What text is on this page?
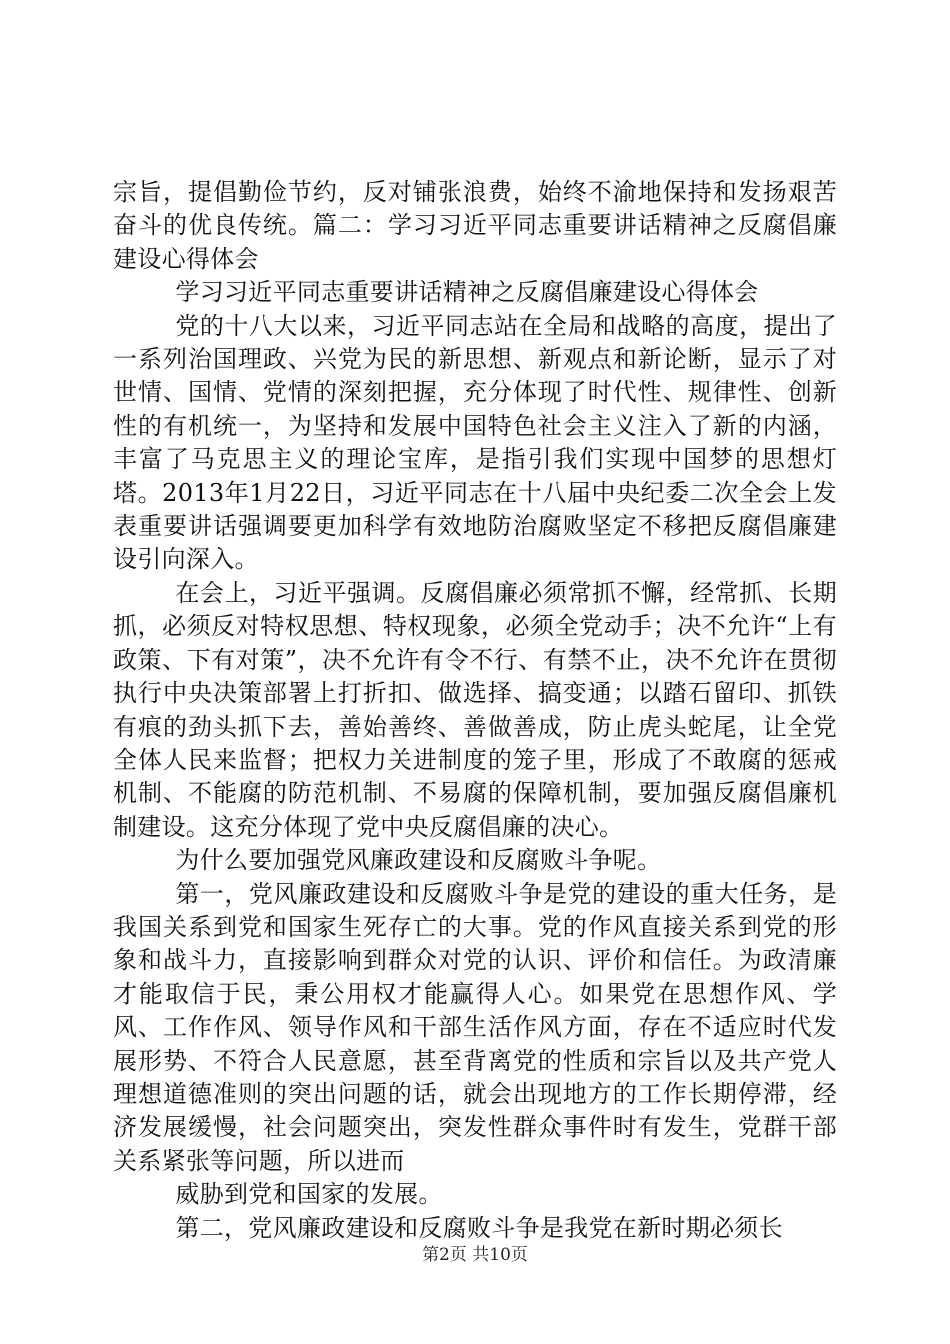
宗旨，提倡勤俭节约，反对铺张浪费，始终不渝地保持和发扬艰苦奋斗的优良传统。篇二：学习习近平同志重要讲话精神之反腐倡廉建设心得体会

学习习近平同志重要讲话精神之反腐倡廉建设心得体会

党的十八大以来，习近平同志站在全局和战略的高度，提出了一系列治国理政、兴党为民的新思想、新观点和新论断，显示了对世情、国情、党情的深刻把握，充分体现了时代性、规律性、创新性的有机统一，为坚持和发展中国特色社会主义注入了新的内涵，丰富了马克思主义的理论宝库，是指引我们实现中国梦的思想灯塔。2013年1月22日，习近平同志在十八届中央纪委二次全会上发表重要讲话强调要更加科学有效地防治腐败坚定不移把反腐倡廉建设引向深入。

在会上，习近平强调。反腐倡廉必须常抓不懈，经常抓、长期抓，必须反对特权思想、特权现象，必须全党动手；决不允许“上有政策、下有对策”，决不允许有令不行、有禁不止，决不允许在贯彻执行中央决策部署上打折扣、做选择、搞变通；以踏石留印、抓铁有痕的劲头抓下去，善始善终、善做善成，防止虎头蛇尾，让全党全体人民来监督；把权力关进制度的笼子里，形成了不敢腐的惩戒机制、不能腐的防范机制、不易腐的保障机制，要加强反腐倡廉机制建设。这充分体现了党中央反腐倡廉的决心。

为什么要加强党风廉政建设和反腐败斗争呢。

第一，党风廉政建设和反腐败斗争是党的建设的重大任务，是我国关系到党和国家生死存亡的大事。党的作风直接关系到党的形象和战斗力，直接影响到群众对党的认识、评价和信任。为政清廉才能取信于民，秉公用权才能赢得人心。如果党在思想作风、学风、工作作风、领导作风和干部生活作风方面，存在不适应时代发展形势、不符合人民意愿，甚至背离党的性质和宗旨以及共产党人理想道德准则的突出问题的话，就会出现地方的工作长期停滞，经济发展缓慢，社会问题突出，突发性群众事件时有发生，党群干部关系紧张等问题，所以进而

威胁到党和国家的发展。

第二，党风廉政建设和反腐败斗争是我党在新时期必须长

第2页 共10页
